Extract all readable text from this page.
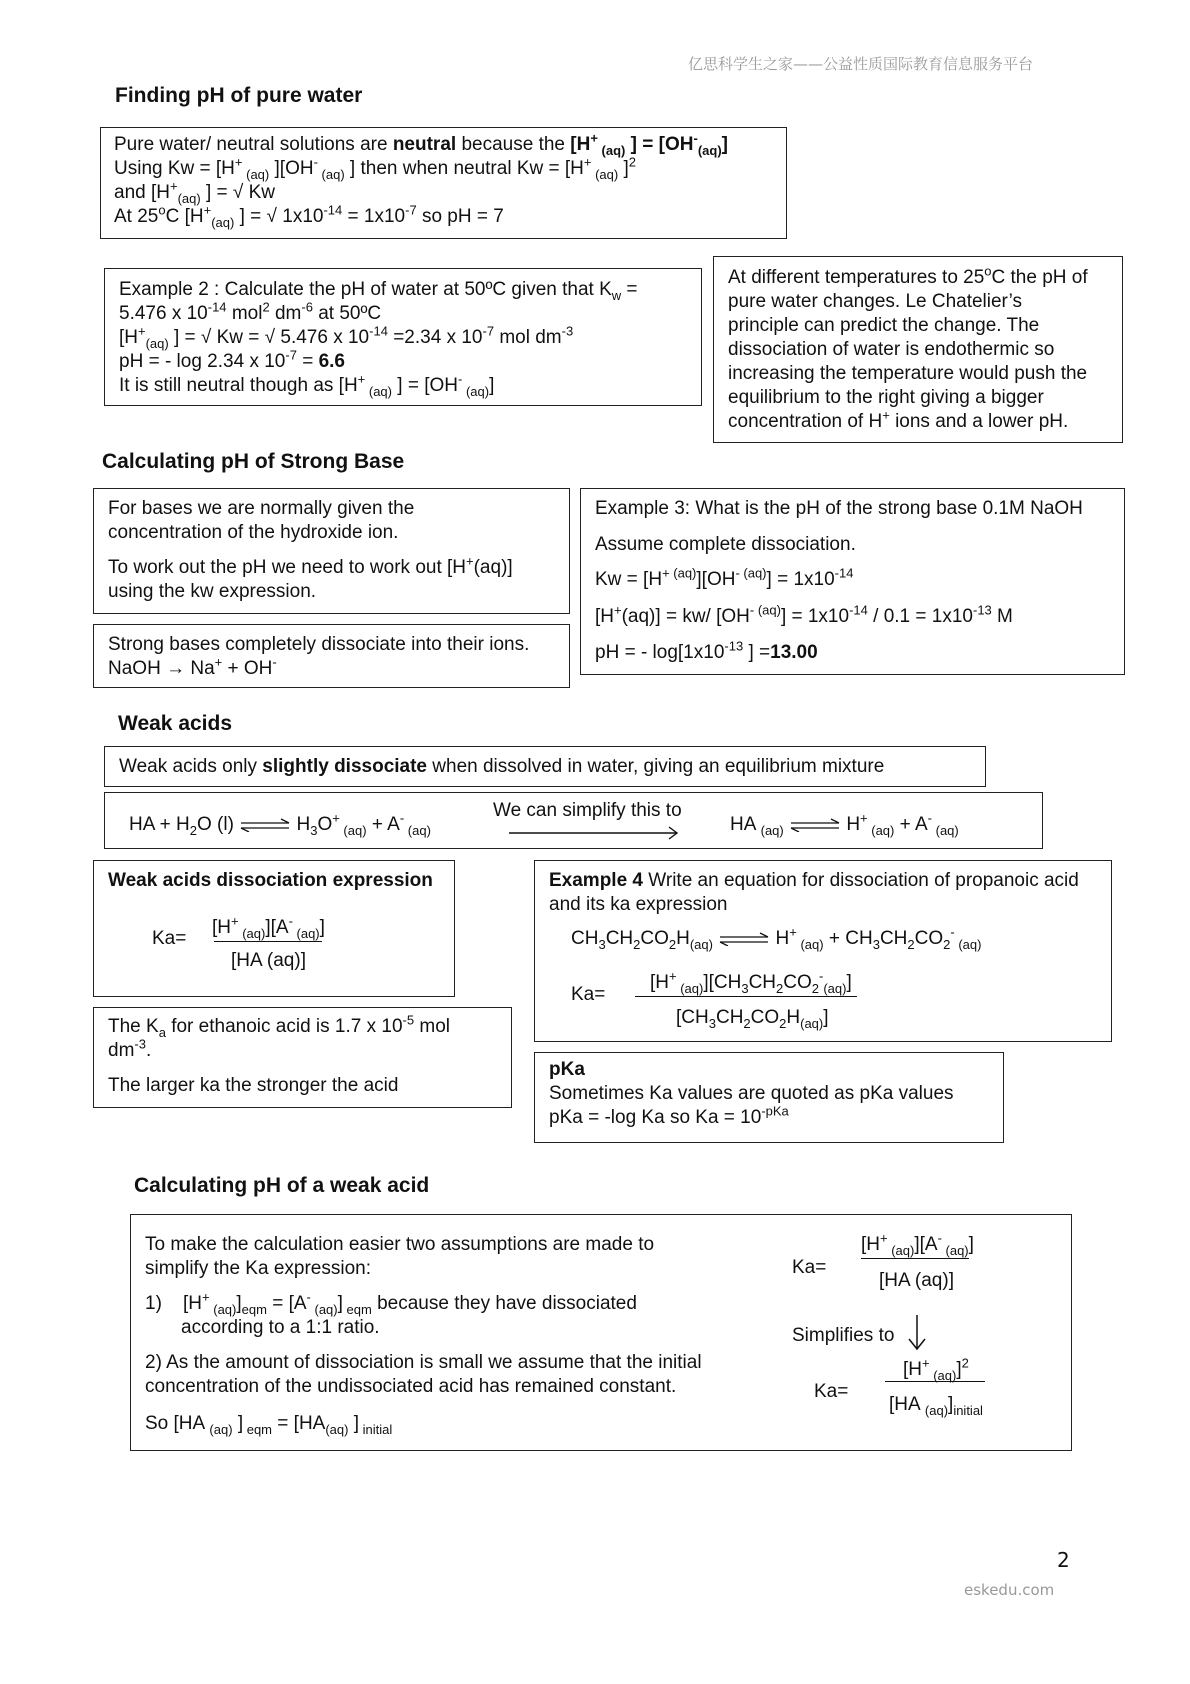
亿思科学生之家——公益性质国际教育信息服务平台
Finding pH of pure water

Pure water/ neutral solutions are neutral because the [H+ $_{(aq)}$ ] = $[OH^-_{(aq)}]$

Using Kw = [H+ $_{(aq)}$ ][OH- $_{(aq)}$ ] then when neutral Kw = [H+ $_{(aq)}$ ]$^2$

and [$H^+_{(aq)}$ ] = √ Kw

At 25$^o$C [$H^+_{(aq)}$ ] = √ $1x10^{-14} = 1x10^{-7}$ so pH = 7

Example 2 : Calculate the pH of water at 50ºC given that $K_w$ =

5.476 x $10^{-14}$ mol$^2$ $dm^{-6}$ at 50ºC

[$H^+_{(aq)}$ ] = √ Kw = √ 5.476 x $10^{-14} =2.34$ x $10^{-7}$ mol $dm^{-3}$

pH = - log 2.34 x $10^{-7} = 6.6$

It is still neutral though as [H+ $_{(aq)}$ ] = [OH- $_{(aq)}$]

At different temperatures to 25$^o$C the pH of

pure water changes. Le Chatelier’s

principle can predict the change. The

dissociation of water is endothermic so

increasing the temperature would push the

equilibrium to the right giving a bigger

concentration of H+ ions and a lower pH.

Calculating pH of Strong Base

For bases we are normally given the

concentration of the hydroxide ion.

To work out the pH we need to work out [H+(aq)]

using the kw expression.

Strong bases completely dissociate into their ions.

NaOH → Na+ + OH-

Example 3: What is the pH of the strong base 0.1M NaOH

Assume complete dissociation.

$Kw = [H^{+ (aq)}][OH^{- (aq)}] = 1x10^{-14}$

[H+(aq)] = kw/ $[OH^{- (aq)}] = 1x10^{-14} / 0.1 = 1x10^{-13}$ M

pH = - $\log[1x10^{-13}$ ] =13.00

Weak acids

Weak acids only slightly dissociate when dissolved in water, giving an equilibrium mixture

HA + $H_2O$ (l) ⇌ $H_3O^+$ $_{(aq)}$ + A- $_{(aq)}$
We can simplify this to
HA $_{(aq)}$ ⇌ H+ $_{(aq)}$ + A- $_{(aq)}$
Weak acids dissociation expression
Ka=
[H+ $_{(aq)}$][A- $_{(aq)}$]
[HA (aq)]

The $K_a$ for ethanoic acid is 1.7 x $10^{-5}$ mol

$dm^{-3}$.

The larger ka the stronger the acid

Example 4 Write an equation for dissociation of propanoic acid
and its ka expression
$CH_3CH_2CO_2H_{(aq)}$ ⇌ H+ $_{(aq)} + CH_3CH_2CO_2^-$ $_{(aq)}$
Ka=
[H+ $_{(aq)}][CH_3CH_2CO_2^-_{(aq)}]$
$[CH_3CH_2CO_2H_{(aq)}]$

pKa

Sometimes Ka values are quoted as pKa values

pKa = -log Ka so $Ka = 10^{-pKa}$

Calculating pH of a weak acid

To make the calculation easier two assumptions are made to

simplify the Ka expression:

1) [H+ $_{(aq)}]_{eqm} = [A^-$ $_{(aq)}$] $_{eqm}$ because they have dissociated

according to a 1:1 ratio.

2) As the amount of dissociation is small we assume that the initial

concentration of the undissociated acid has remained constant.

So [HA $_{(aq)}$ ] $_{eqm} = [HA_{(aq)}$ ] $_{initial}$

Ka=
[H+ $_{(aq)}$][A- $_{(aq)}$]
[HA (aq)]
Simplifies to
Ka=
[H+ $_{(aq)}$]$^2$
[HA $_{(aq)}]_{initial}$
2
eskedu.com
